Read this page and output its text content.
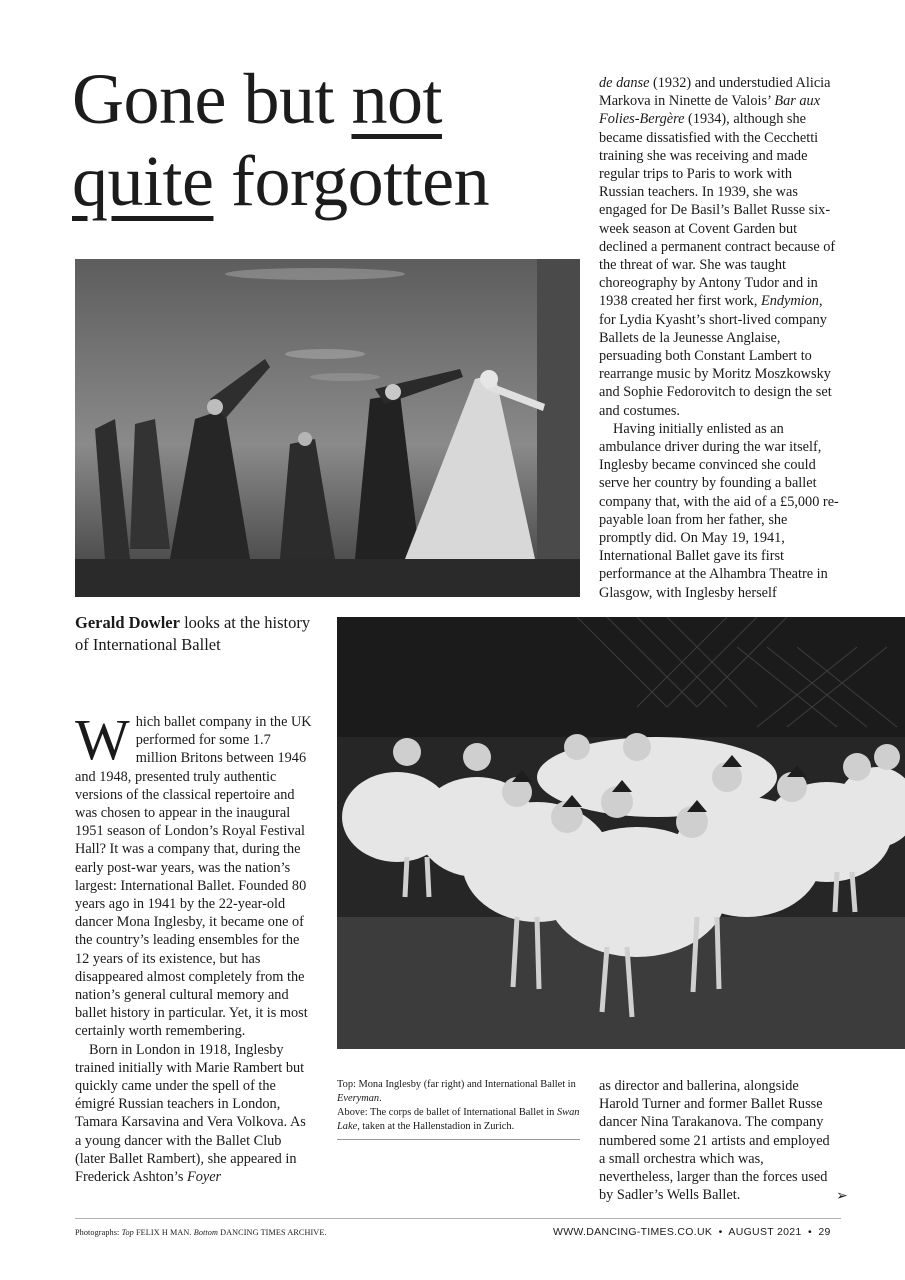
Gone but not
quite forgotten
Gerald Dowler looks at the history of International Ballet

Which ballet company in the UK performed for some 1.7 million Britons between 1946 and 1948, presented truly authentic versions of the classical repertoire and was chosen to appear in the inaugural 1951 season of London’s Royal Festival Hall? It was a company that, during the early post-war years, was the nation’s largest: International Ballet. Founded 80 years ago in 1941 by the 22-year-old dancer Mona Inglesby, it became one of the country’s leading ensembles for the 12 years of its existence, but has disappeared almost completely from the nation’s general cultural memory and ballet history in particular. Yet, it is most certainly worth remembering.

Born in London in 1918, Inglesby trained initially with Marie Rambert but quickly came under the spell of the émigré Russian teachers in London, Tamara Karsavina and Vera Volkova. As a young dancer with the Ballet Club (later Ballet Rambert), she appeared in Frederick Ashton’s Foyer

de danse (1932) and understudied Alicia Markova in Ninette de Valois’ Bar aux Folies-Bergère (1934), although she became dissatisfied with the Cecchetti training she was receiving and made regular trips to Paris to work with Russian teachers. In 1939, she was engaged for De Basil’s Ballet Russe six-week season at Covent Garden but declined a permanent contract because of the threat of war. She was taught choreography by Antony Tudor and in 1938 created her first work, Endymion, for Lydia Kyasht’s short-lived company Ballets de la Jeunesse Anglaise, persuading both Constant Lambert to rearrange music by Moritz Moszkowsky and Sophie Fedorovitch to design the set and costumes.

Having initially enlisted as an ambulance driver during the war itself, Inglesby became convinced she could serve her country by founding a ballet company that, with the aid of a £5,000 re-payable loan from her father, she promptly did. On May 19, 1941, International Ballet gave its first performance at the Alhambra Theatre in Glasgow, with Inglesby herself

Top: Mona Inglesby (far right) and International Ballet in Everyman.
Above: The corps de ballet of International Ballet in Swan Lake, taken at the Hallenstadion in Zurich.

as director and ballerina, alongside Harold Turner and former Ballet Russe dancer Nina Tarakanova. The company numbered some 21 artists and employed a small orchestra which was, nevertheless, larger than the forces used by Sadler’s Wells Ballet.	➢
Photographs: Top FELIX H MAN. Bottom DANCING TIMES ARCHIVE.	WWW.DANCING-TIMES.CO.UK  •  AUGUST 2021  •  29
